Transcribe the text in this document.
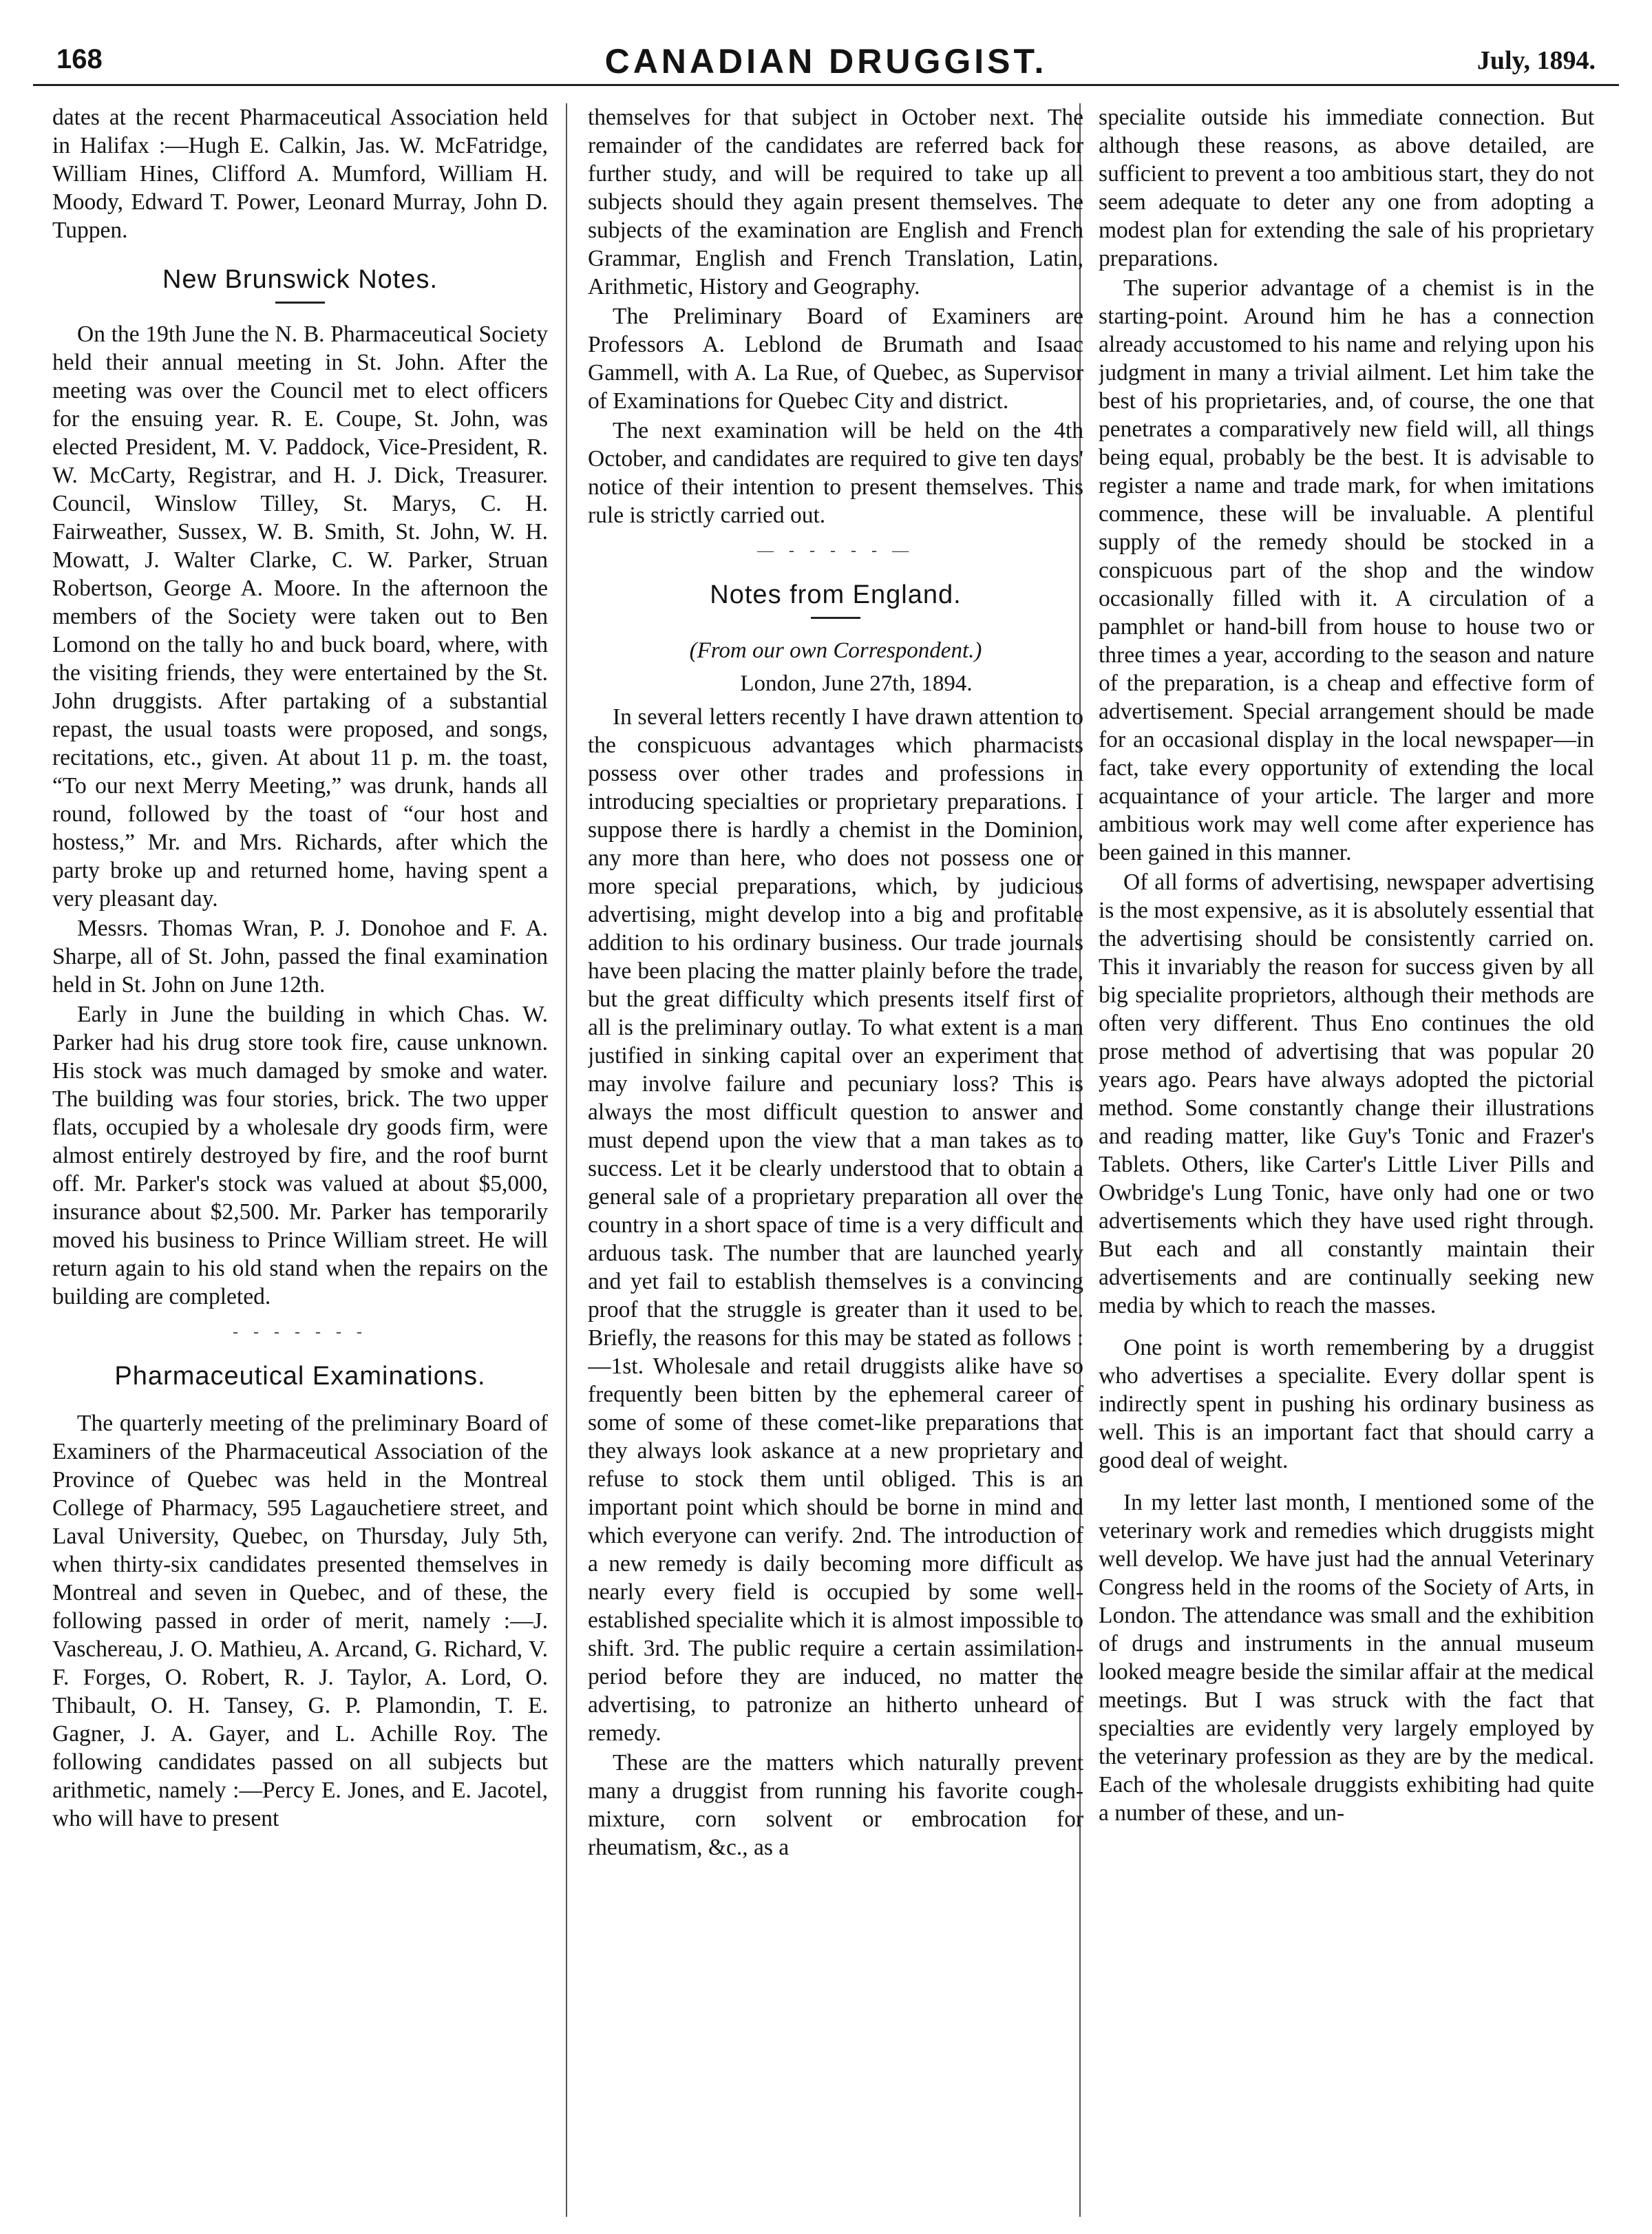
168	CANADIAN DRUGGIST.	July, 1894.

dates at the recent Pharmaceutical Association held in Halifax :—Hugh E. Calkin, Jas. W. McFatridge, William Hines, Clifford A. Mumford, William H. Moody, Edward T. Power, Leonard Murray, John D. Tuppen.

New Brunswick Notes.

On the 19th June the N. B. Pharmaceutical Society held their annual meeting in St. John. After the meeting was over the Council met to elect officers for the ensuing year. R. E. Coupe, St. John, was elected President, M. V. Paddock, Vice-President, R. W. McCarty, Registrar, and H. J. Dick, Treasurer. Council, Winslow Tilley, St. Marys, C. H. Fairweather, Sussex, W. B. Smith, St. John, W. H. Mowatt, J. Walter Clarke, C. W. Parker, Struan Robertson, George A. Moore. In the afternoon the members of the Society were taken out to Ben Lomond on the tally ho and buck board, where, with the visiting friends, they were entertained by the St. John druggists. After partaking of a substantial repast, the usual toasts were proposed, and songs, recitations, etc., given. At about 11 p. m. the toast, “To our next Merry Meeting,” was drunk, hands all round, followed by the toast of “our host and hostess,” Mr. and Mrs. Richards, after which the party broke up and returned home, having spent a very pleasant day.

Messrs. Thomas Wran, P. J. Donohoe and F. A. Sharpe, all of St. John, passed the final examination held in St. John on June 12th.

Early in June the building in which Chas. W. Parker had his drug store took fire, cause unknown. His stock was much damaged by smoke and water. The building was four stories, brick. The two upper flats, occupied by a wholesale dry goods firm, were almost entirely destroyed by fire, and the roof burnt off. Mr. Parker's stock was valued at about $5,000, insurance about $2,500. Mr. Parker has temporarily moved his business to Prince William street. He will return again to his old stand when the repairs on the building are completed.

- - - - - - -
Pharmaceutical Examinations.

The quarterly meeting of the preliminary Board of Examiners of the Pharmaceutical Association of the Province of Quebec was held in the Montreal College of Pharmacy, 595 Lagauchetiere street, and Laval University, Quebec, on Thursday, July 5th, when thirty-six candidates presented themselves in Montreal and seven in Quebec, and of these, the following passed in order of merit, namely :—J. Vaschereau, J. O. Mathieu, A. Arcand, G. Richard, V. F. Forges, O. Robert, R. J. Taylor, A. Lord, O. Thibault, O. H. Tansey, G. P. Plamondin, T. E. Gagner, J. A. Gayer, and L. Achille Roy. The following candidates passed on all subjects but arithmetic, namely :—Percy E. Jones, and E. Jacotel, who will have to present

themselves for that subject in October next. The remainder of the candidates are referred back for further study, and will be required to take up all subjects should they again present themselves. The subjects of the examination are English and French Grammar, English and French Translation, Latin, Arithmetic, History and Geography.

The Preliminary Board of Examiners are Professors A. Leblond de Brumath and Isaac Gammell, with A. La Rue, of Quebec, as Supervisor of Examinations for Quebec City and district.

The next examination will be held on the 4th October, and candidates are required to give ten days' notice of their intention to present themselves. This rule is strictly carried out.

— - - - - - —
Notes from England.
(From our own Correspondent.)
London, June 27th, 1894.

In several letters recently I have drawn attention to the conspicuous advantages which pharmacists possess over other trades and professions in introducing specialties or proprietary preparations. I suppose there is hardly a chemist in the Dominion, any more than here, who does not possess one or more special preparations, which, by judicious advertising, might develop into a big and profitable addition to his ordinary business. Our trade journals have been placing the matter plainly before the trade, but the great difficulty which presents itself first of all is the preliminary outlay. To what extent is a man justified in sinking capital over an experiment that may involve failure and pecuniary loss? This is always the most difficult question to answer and must depend upon the view that a man takes as to success. Let it be clearly understood that to obtain a general sale of a proprietary preparation all over the country in a short space of time is a very difficult and arduous task. The number that are launched yearly and yet fail to establish themselves is a convincing proof that the struggle is greater than it used to be. Briefly, the reasons for this may be stated as follows :—1st. Wholesale and retail druggists alike have so frequently been bitten by the ephemeral career of some of some of these comet-like preparations that they always look askance at a new proprietary and refuse to stock them until obliged. This is an important point which should be borne in mind and which everyone can verify. 2nd. The introduction of a new remedy is daily becoming more difficult as nearly every field is occupied by some well-established specialite which it is almost impossible to shift. 3rd. The public require a certain assimilation-period before they are induced, no matter the advertising, to patronize an hitherto unheard of remedy.

These are the matters which naturally prevent many a druggist from running his favorite cough-mixture, corn solvent or embrocation for rheumatism, &c., as a

specialite outside his immediate connection. But although these reasons, as above detailed, are sufficient to prevent a too ambitious start, they do not seem adequate to deter any one from adopting a modest plan for extending the sale of his proprietary preparations.

The superior advantage of a chemist is in the starting-point. Around him he has a connection already accustomed to his name and relying upon his judgment in many a trivial ailment. Let him take the best of his proprietaries, and, of course, the one that penetrates a comparatively new field will, all things being equal, probably be the best. It is advisable to register a name and trade mark, for when imitations commence, these will be invaluable. A plentiful supply of the remedy should be stocked in a conspicuous part of the shop and the window occasionally filled with it. A circulation of a pamphlet or hand-bill from house to house two or three times a year, according to the season and nature of the preparation, is a cheap and effective form of advertisement. Special arrangement should be made for an occasional display in the local newspaper—in fact, take every opportunity of extending the local acquaintance of your article. The larger and more ambitious work may well come after experience has been gained in this manner.

Of all forms of advertising, newspaper advertising is the most expensive, as it is absolutely essential that the advertising should be consistently carried on. This it invariably the reason for success given by all big specialite proprietors, although their methods are often very different. Thus Eno continues the old prose method of advertising that was popular 20 years ago. Pears have always adopted the pictorial method. Some constantly change their illustrations and reading matter, like Guy's Tonic and Frazer's Tablets. Others, like Carter's Little Liver Pills and Owbridge's Lung Tonic, have only had one or two advertisements which they have used right through. But each and all constantly maintain their advertisements and are continually seeking new media by which to reach the masses.

One point is worth remembering by a druggist who advertises a specialite. Every dollar spent is indirectly spent in pushing his ordinary business as well. This is an important fact that should carry a good deal of weight.

In my letter last month, I mentioned some of the veterinary work and remedies which druggists might well develop. We have just had the annual Veterinary Congress held in the rooms of the Society of Arts, in London. The attendance was small and the exhibition of drugs and instruments in the annual museum looked meagre beside the similar affair at the medical meetings. But I was struck with the fact that specialties are evidently very largely employed by the veterinary profession as they are by the medical. Each of the wholesale druggists exhibiting had quite a number of these, and un-
